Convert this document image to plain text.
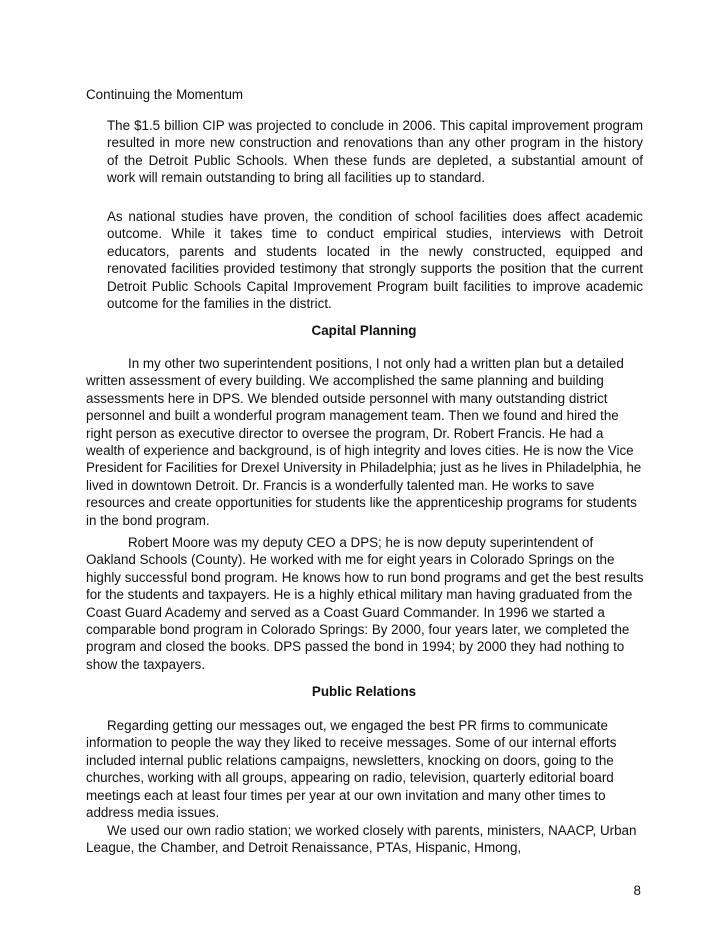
Continuing the Momentum

The $1.5 billion CIP was projected to conclude in 2006. This capital improvement program resulted in more new construction and renovations than any other program in the history of the Detroit Public Schools. When these funds are depleted, a substantial amount of work will remain outstanding to bring all facilities up to standard.

As national studies have proven, the condition of school facilities does affect academic outcome. While it takes time to conduct empirical studies, interviews with Detroit educators, parents and students located in the newly constructed, equipped and renovated facilities provided testimony that strongly supports the position that the current Detroit Public Schools Capital Improvement Program built facilities to improve academic outcome for the families in the district.

Capital Planning

In my other two superintendent positions, I not only had a written plan but a detailed written assessment of every building. We accomplished the same planning and building assessments here in DPS. We blended outside personnel with many outstanding district personnel and built a wonderful program management team. Then we found and hired the right person as executive director to oversee the program, Dr. Robert Francis. He had a wealth of experience and background, is of high integrity and loves cities. He is now the Vice President for Facilities for Drexel University in Philadelphia; just as he lives in Philadelphia, he lived in downtown Detroit. Dr. Francis is a wonderfully talented man. He works to save resources and create opportunities for students like the apprenticeship programs for students in the bond program.

Robert Moore was my deputy CEO a DPS; he is now deputy superintendent of Oakland Schools (County). He worked with me for eight years in Colorado Springs on the highly successful bond program. He knows how to run bond programs and get the best results for the students and taxpayers. He is a highly ethical military man having graduated from the Coast Guard Academy and served as a Coast Guard Commander. In 1996 we started a comparable bond program in Colorado Springs: By 2000, four years later, we completed the program and closed the books. DPS passed the bond in 1994; by 2000 they had nothing to show the taxpayers.

Public Relations

Regarding getting our messages out, we engaged the best PR firms to communicate information to people the way they liked to receive messages. Some of our internal efforts included internal public relations campaigns, newsletters, knocking on doors, going to the churches, working with all groups, appearing on radio, television, quarterly editorial board meetings each at least four times per year at our own invitation and many other times to address media issues.

We used our own radio station; we worked closely with parents, ministers, NAACP, Urban League, the Chamber, and Detroit Renaissance, PTAs, Hispanic, Hmong,

8
